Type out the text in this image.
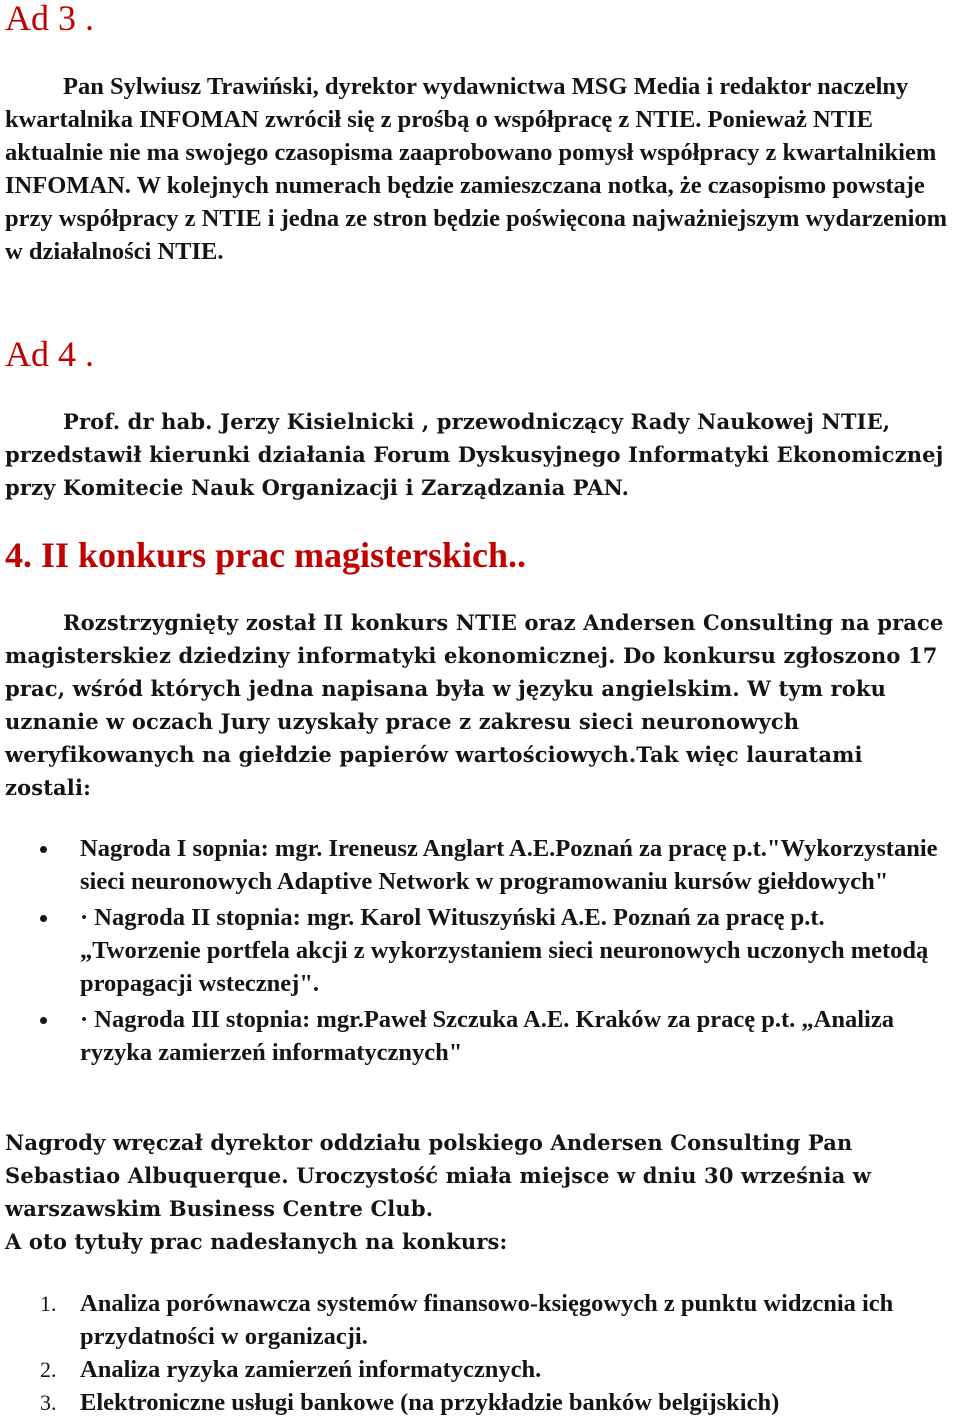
Ad 3 .

Pan Sylwiusz Trawiński, dyrektor wydawnictwa MSG Media i redaktor naczelny kwartalnika INFOMAN zwrócił się z prośbą o współpracę z NTIE. Ponieważ NTIE aktualnie nie ma swojego czasopisma zaaprobowano pomysł współpracy z kwartalnikiem INFOMAN. W kolejnych numerach będzie zamieszczana notka, że czasopismo powstaje przy współpracy z NTIE i jedna ze stron będzie poświęcona najważniejszym wydarzeniom w działalności NTIE.

Ad 4 .

Prof. dr hab. Jerzy Kisielnicki , przewodniczący Rady Naukowej NTIE, przedstawił kierunki działania Forum Dyskusyjnego Informatyki Ekonomicznej przy Komitecie Nauk Organizacji i Zarządzania PAN.

4. II konkurs prac magisterskich..

Rozstrzygnięty został II konkurs NTIE oraz Andersen Consulting na prace magisterskiez dziedziny informatyki ekonomicznej. Do konkursu zgłoszono 17 prac, wśród których jedna napisana była w języku angielskim. W tym roku uznanie w oczach Jury uzyskały prace z zakresu sieci neuronowych weryfikowanych na giełdzie papierów wartościowych.Tak więc lauratami zostali:

Nagroda I sopnia: mgr. Ireneusz Anglart A.E.Poznań za pracę p.t."Wykorzystanie sieci neuronowych Adaptive Network w programowaniu kursów giełdowych"
· Nagroda II stopnia: mgr. Karol Wituszyński A.E. Poznań za pracę p.t. „Tworzenie portfela akcji z wykorzystaniem sieci neuronowych uczonych metodą propagacji wstecznej".
· Nagroda III stopnia: mgr.Paweł Szczuka A.E. Kraków za pracę p.t. „Analiza ryzyka zamierzeń informatycznych"

Nagrody wręczał dyrektor oddziału polskiego Andersen Consulting Pan Sebastiao Albuquerque. Uroczystość miała miejsce w dniu 30 września w warszawskim Business Centre Club.

A oto tytuły prac nadesłanych na konkurs:

1. Analiza porównawcza systemów finansowo-księgowych z punktu widzcnia ich przydatności w organizacji.
2. Analiza ryzyka zamierzeń informatycznych.
3. Elektroniczne usługi bankowe (na przykładzie banków belgijskich)
